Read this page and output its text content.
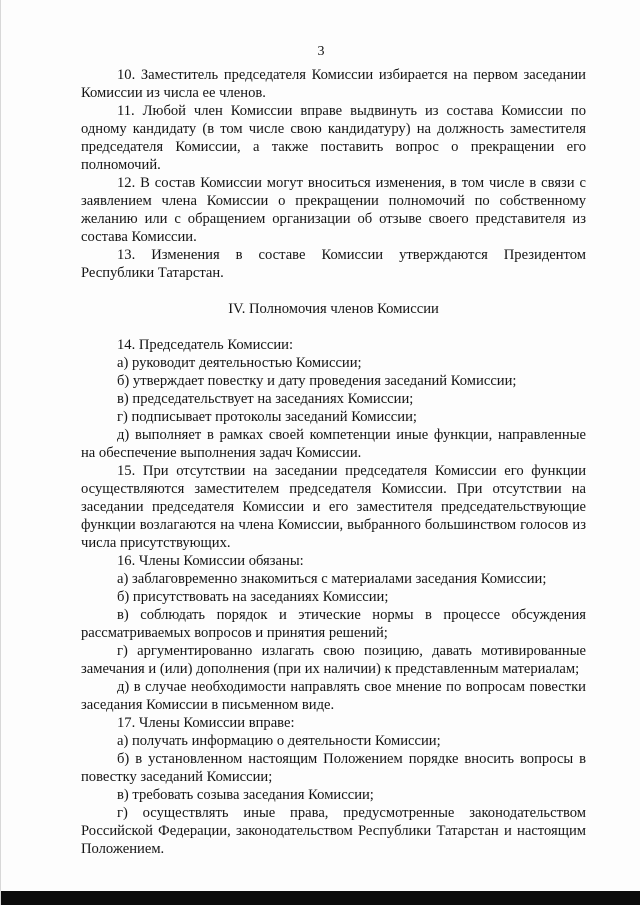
3

10. Заместитель председателя Комиссии избирается на первом заседании Комиссии из числа ее членов.

11. Любой член Комиссии вправе выдвинуть из состава Комиссии по одному кандидату (в том числе свою кандидатуру) на должность заместителя председателя Комиссии, а также поставить вопрос о прекращении его полномочий.

12. В состав Комиссии могут вноситься изменения, в том числе в связи с заявлением члена Комиссии о прекращении полномочий по собственному желанию или с обращением организации об отзыве своего представителя из состава Комиссии.

13. Изменения в составе Комиссии утверждаются Президентом Республики Татарстан.

IV. Полномочия членов Комиссии

14. Председатель Комиссии:

а) руководит деятельностью Комиссии;

б) утверждает повестку и дату проведения заседаний Комиссии;

в) председательствует на заседаниях Комиссии;

г) подписывает протоколы заседаний Комиссии;

д) выполняет в рамках своей компетенции иные функции, направленные на обеспечение выполнения задач Комиссии.

15. При отсутствии на заседании председателя Комиссии его функции осуществляются заместителем председателя Комиссии. При отсутствии на заседании председателя Комиссии и его заместителя председательствующие функции возлагаются на члена Комиссии, выбранного большинством голосов из числа присутствующих.

16. Члены Комиссии обязаны:

а) заблаговременно знакомиться с материалами заседания Комиссии;

б) присутствовать на заседаниях Комиссии;

в) соблюдать порядок и этические нормы в процессе обсуждения рассматриваемых вопросов и принятия решений;

г) аргументированно излагать свою позицию, давать мотивированные замечания и (или) дополнения (при их наличии) к представленным материалам;

д) в случае необходимости направлять свое мнение по вопросам повестки заседания Комиссии в письменном виде.

17. Члены Комиссии вправе:

а) получать информацию о деятельности Комиссии;

б) в установленном настоящим Положением порядке вносить вопросы в повестку заседаний Комиссии;

в) требовать созыва заседания Комиссии;

г) осуществлять иные права, предусмотренные законодательством Российской Федерации, законодательством Республики Татарстан и настоящим Положением.
